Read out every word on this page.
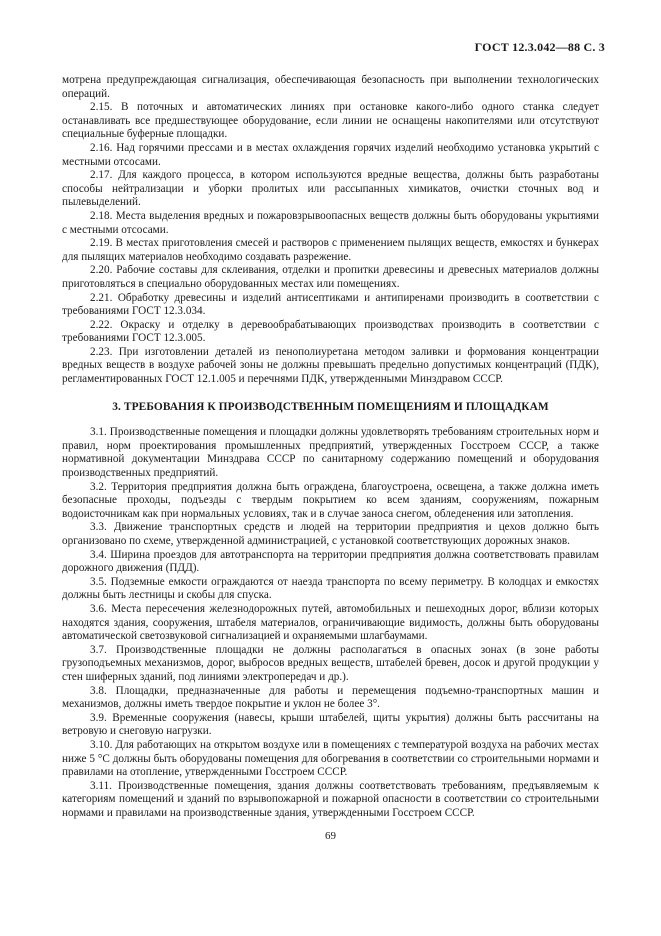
ГОСТ 12.3.042—88 С. 3

мотрена предупреждающая сигнализация, обеспечивающая безопасность при выполнении технологических операций.

2.15. В поточных и автоматических линиях при остановке какого-либо одного станка следует останавливать все предшествующее оборудование, если линии не оснащены накопителями или отсутствуют специальные буферные площадки.

2.16. Над горячими прессами и в местах охлаждения горячих изделий необходимо установка укрытий с местными отсосами.

2.17. Для каждого процесса, в котором используются вредные вещества, должны быть разработаны способы нейтрализации и уборки пролитых или рассыпанных химикатов, очистки сточных вод и пылевыделений.

2.18. Места выделения вредных и пожаровзрывоопасных веществ должны быть оборудованы укрытиями с местными отсосами.

2.19. В местах приготовления смесей и растворов с применением пылящих веществ, емкостях и бункерах для пылящих материалов необходимо создавать разрежение.

2.20. Рабочие составы для склеивания, отделки и пропитки древесины и древесных материалов должны приготовляться в специально оборудованных местах или помещениях.

2.21. Обработку древесины и изделий антисептиками и антипиренами производить в соответствии с требованиями ГОСТ 12.3.034.

2.22. Окраску и отделку в деревообрабатывающих производствах производить в соответствии с требованиями ГОСТ 12.3.005.

2.23. При изготовлении деталей из пенополиуретана методом заливки и формования концентрации вредных веществ в воздухе рабочей зоны не должны превышать предельно допустимых концентраций (ПДК), регламентированных ГОСТ 12.1.005 и перечнями ПДК, утвержденными Минздравом СССР.

3. ТРЕБОВАНИЯ К ПРОИЗВОДСТВЕННЫМ ПОМЕЩЕНИЯМ И ПЛОЩАДКАМ

3.1. Производственные помещения и площадки должны удовлетворять требованиям строительных норм и правил, норм проектирования промышленных предприятий, утвержденных Госстроем СССР, а также нормативной документации Минздрава СССР по санитарному содержанию помещений и оборудования производственных предприятий.

3.2. Территория предприятия должна быть ограждена, благоустроена, освещена, а также должна иметь безопасные проходы, подъезды с твердым покрытием ко всем зданиям, сооружениям, пожарным водоисточникам как при нормальных условиях, так и в случае заноса снегом, обледенения или затопления.

3.3. Движение транспортных средств и людей на территории предприятия и цехов должно быть организовано по схеме, утвержденной администрацией, с установкой соответствующих дорожных знаков.

3.4. Ширина проездов для автотранспорта на территории предприятия должна соответствовать правилам дорожного движения (ПДД).

3.5. Подземные емкости ограждаются от наезда транспорта по всему периметру. В колодцах и емкостях должны быть лестницы и скобы для спуска.

3.6. Места пересечения железнодорожных путей, автомобильных и пешеходных дорог, вблизи которых находятся здания, сооружения, штабеля материалов, ограничивающие видимость, должны быть оборудованы автоматической светозвуковой сигнализацией и охраняемыми шлагбаумами.

3.7. Производственные площадки не должны располагаться в опасных зонах (в зоне работы грузоподъемных механизмов, дорог, выбросов вредных веществ, штабелей бревен, досок и другой продукции у стен шиферных зданий, под линиями электропередач и др.).

3.8. Площадки, предназначенные для работы и перемещения подъемно-транспортных машин и механизмов, должны иметь твердое покрытие и уклон не более 3°.

3.9. Временные сооружения (навесы, крыши штабелей, щиты укрытия) должны быть рассчитаны на ветровую и снеговую нагрузки.

3.10. Для работающих на открытом воздухе или в помещениях с температурой воздуха на рабочих местах ниже 5 °С должны быть оборудованы помещения для обогревания в соответствии со строительными нормами и правилами на отопление, утвержденными Госстроем СССР.

3.11. Производственные помещения, здания должны соответствовать требованиям, предъявляемым к категориям помещений и зданий по взрывопожарной и пожарной опасности в соответствии со строительными нормами и правилами на производственные здания, утвержденными Госстроем СССР.

69
